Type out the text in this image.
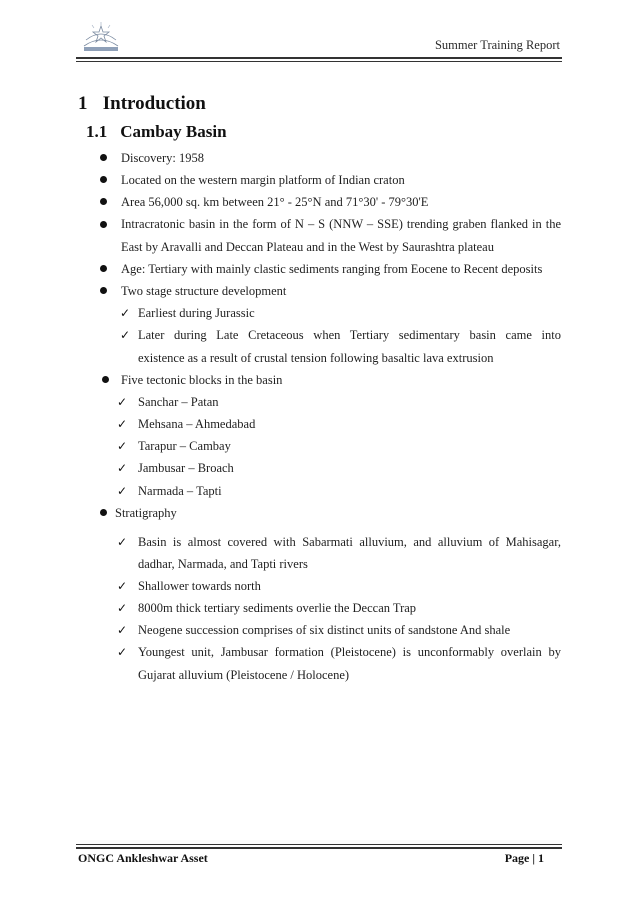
Summer Training Report
1 Introduction
1.1 Cambay Basin
Discovery: 1958
Located on the western margin platform of Indian craton
Area 56,000 sq. km between 21° - 25°N and 71°30' - 79°30'E
Intracratonic basin in the form of N – S (NNW – SSE) trending graben flanked in the
East by Aravalli and Deccan Plateau and in the West by Saurashtra plateau
Age: Tertiary with mainly clastic sediments ranging from Eocene to Recent deposits
Two stage structure development
✓ Earliest during Jurassic
✓ Later during Late Cretaceous when Tertiary sedimentary basin came into
existence as a result of crustal tension following basaltic lava extrusion
Five tectonic blocks in the basin
✓ Sanchar – Patan
✓ Mehsana – Ahmedabad
✓ Tarapur – Cambay
✓ Jambusar – Broach
✓ Narmada – Tapti
Stratigraphy
✓ Basin is almost covered with Sabarmati alluvium, and alluvium of Mahisagar,
dadhar, Narmada, and Tapti rivers
✓ Shallower towards north
✓ 8000m thick tertiary sediments overlie the Deccan Trap
✓ Neogene succession comprises of six distinct units of sandstone And shale
✓ Youngest unit, Jambusar formation (Pleistocene) is unconformably overlain by
Gujarat alluvium (Pleistocene / Holocene)
ONGC Ankleshwar Asset	Page | 1
